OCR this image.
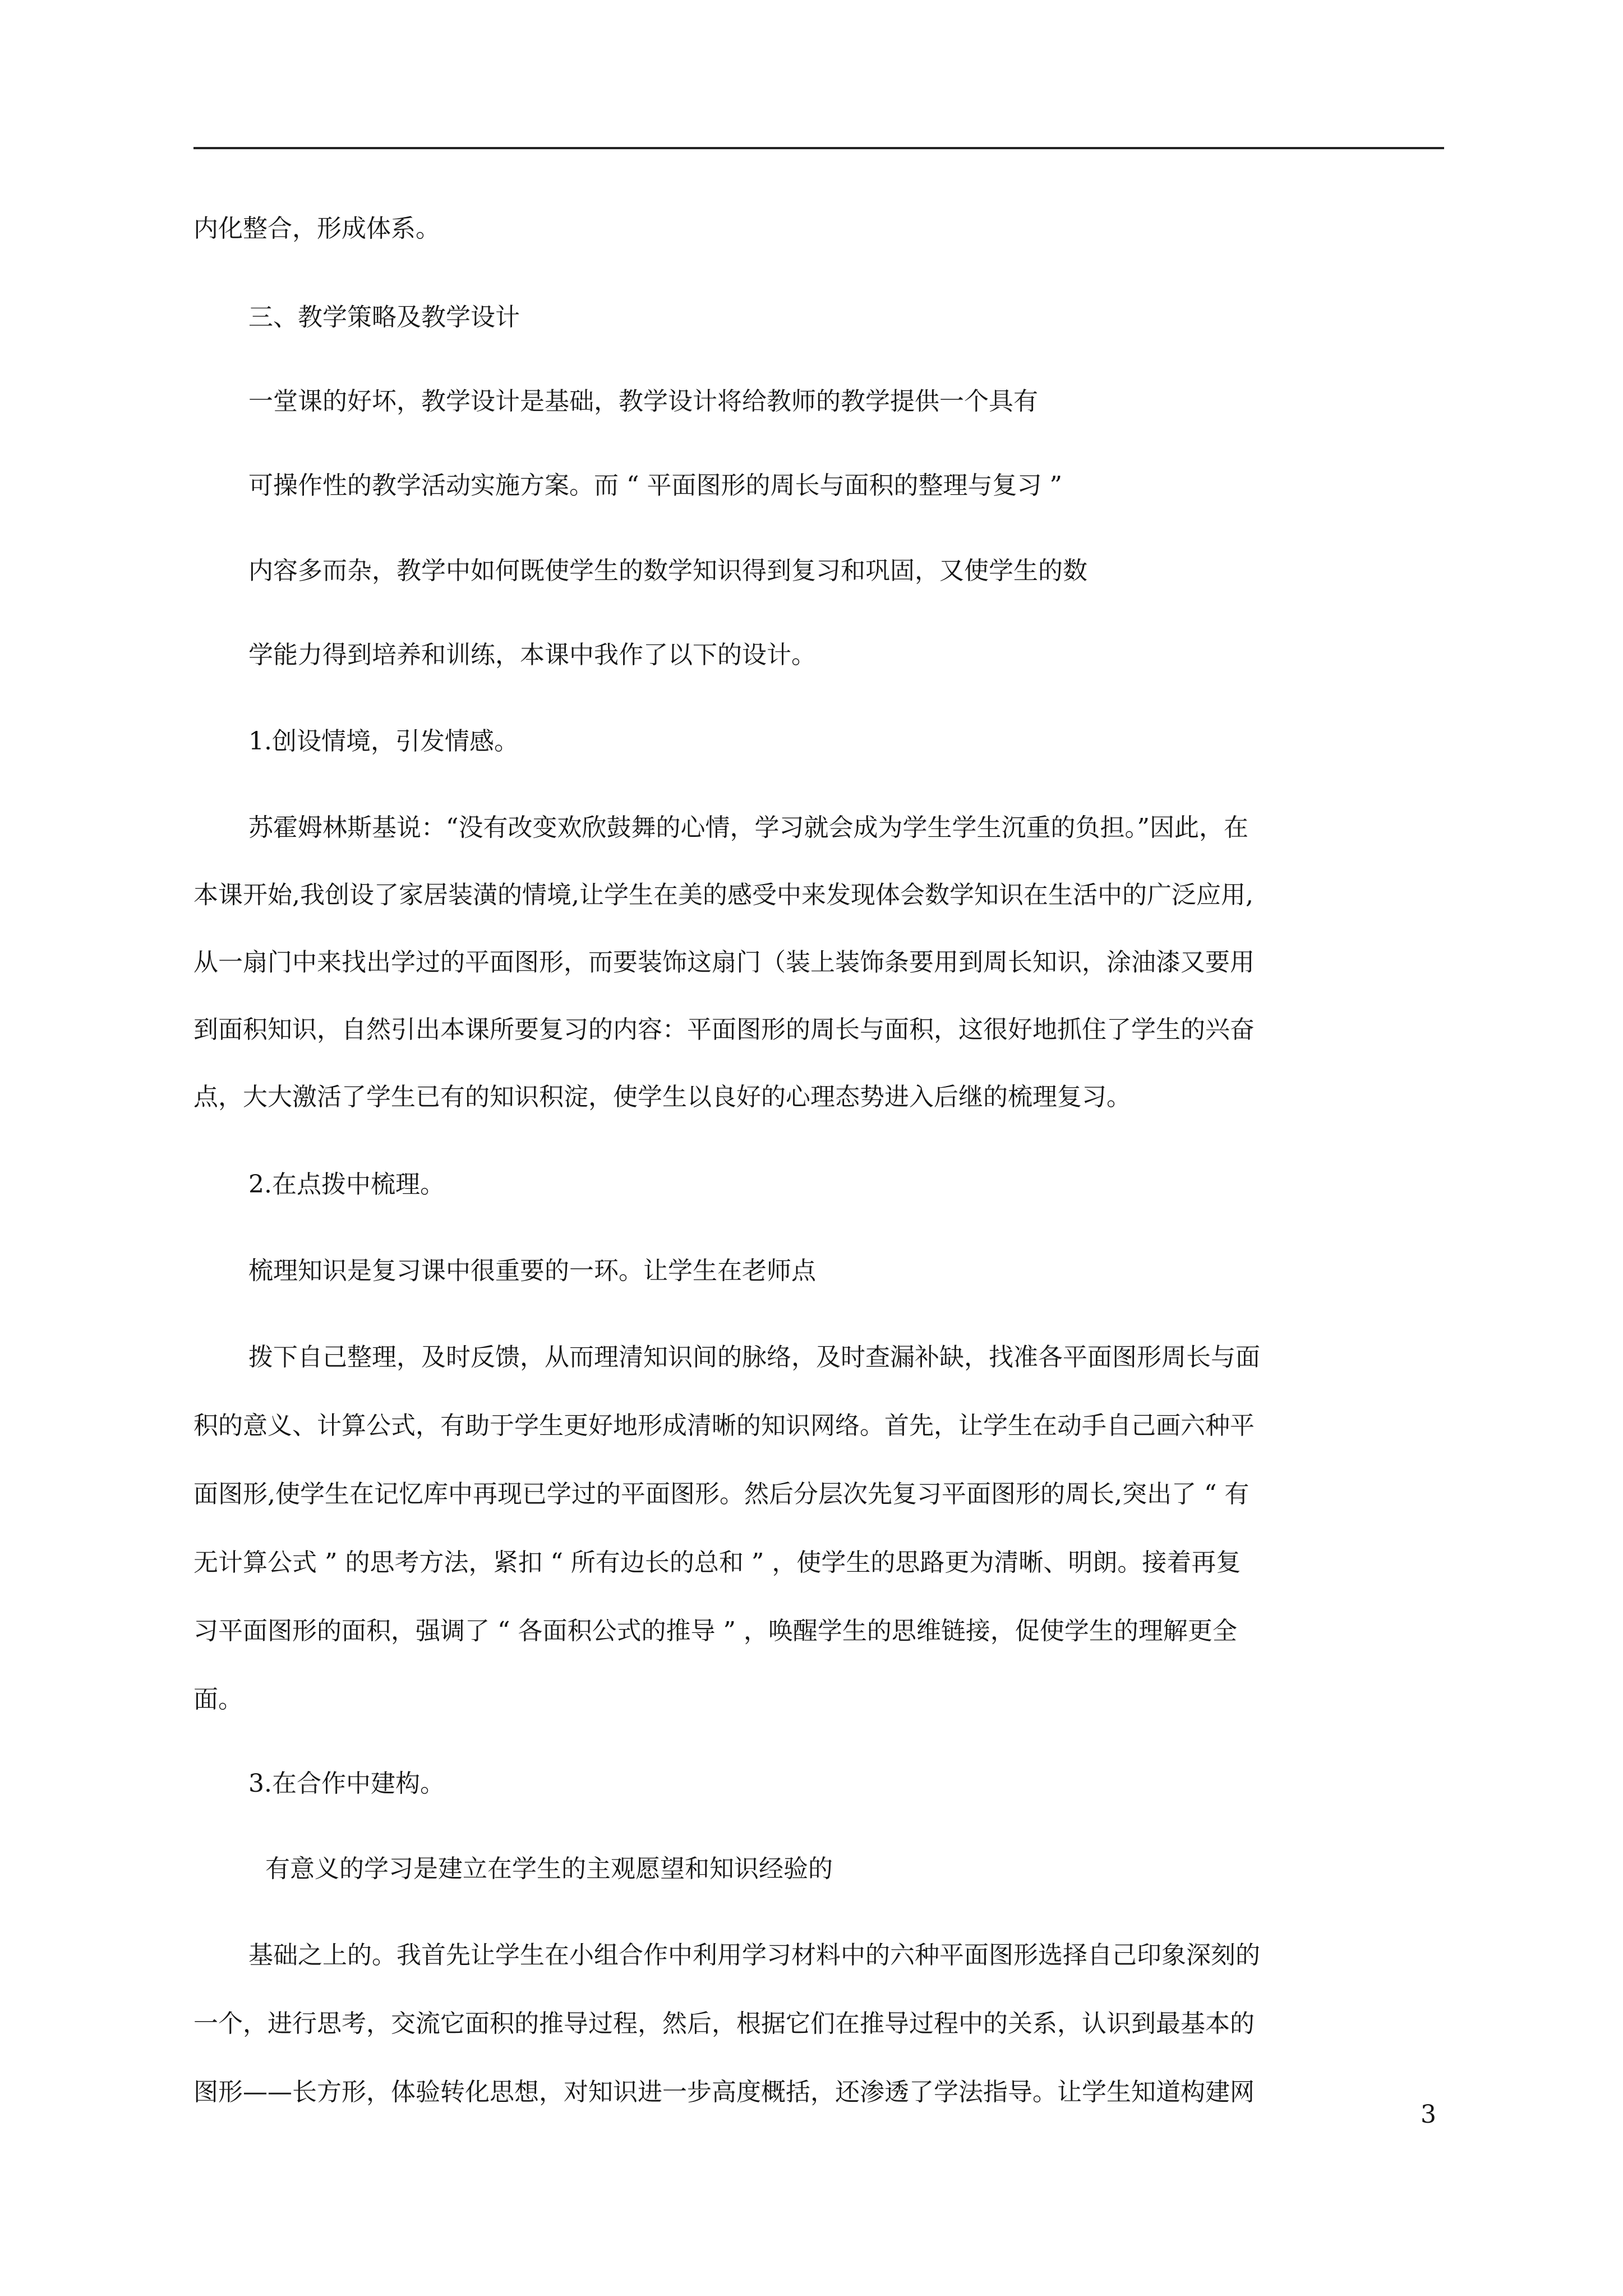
内化整合，形成体系。
三、教学策略及教学设计
一堂课的好坏，教学设计是基础，教学设计将给教师的教学提供一个具有
可操作性的教学活动实施方案。而 “ 平面图形的周长与面积的整理与复习 ”
内容多而杂，教学中如何既使学生的数学知识得到复习和巩固，又使学生的数
学能力得到培养和训练，本课中我作了以下的设计。
1.创设情境，引发情感。
苏霍姆林斯基说：“没有改变欢欣鼓舞的心情，学习就会成为学生学生沉重的负担。”因此，在
本课开始,我创设了家居装潢的情境,让学生在美的感受中来发现体会数学知识在生活中的广泛应用,
从一扇门中来找出学过的平面图形，而要装饰这扇门（装上装饰条要用到周长知识，涂油漆又要用
到面积知识，自然引出本课所要复习的内容：平面图形的周长与面积，这很好地抓住了学生的兴奋
点，大大激活了学生已有的知识积淀，使学生以良好的心理态势进入后继的梳理复习。
2.在点拨中梳理。
梳理知识是复习课中很重要的一环。让学生在老师点
拨下自己整理，及时反馈，从而理清知识间的脉络，及时查漏补缺，找准各平面图形周长与面
积的意义、计算公式，有助于学生更好地形成清晰的知识网络。首先，让学生在动手自己画六种平
面图形,使学生在记忆库中再现已学过的平面图形。然后分层次先复习平面图形的周长,突出了 “ 有
无计算公式 ” 的思考方法，紧扣 “ 所有边长的总和 ” ，使学生的思路更为清晰、明朗。接着再复
习平面图形的面积，强调了 “ 各面积公式的推导 ” ，唤醒学生的思维链接，促使学生的理解更全
面。
3.在合作中建构。
有意义的学习是建立在学生的主观愿望和知识经验的
基础之上的。我首先让学生在小组合作中利用学习材料中的六种平面图形选择自己印象深刻的
一个，进行思考，交流它面积的推导过程，然后，根据它们在推导过程中的关系，认识到最基本的
图形——长方形，体验转化思想，对知识进一步高度概括，还渗透了学法指导。让学生知道构建网
3
